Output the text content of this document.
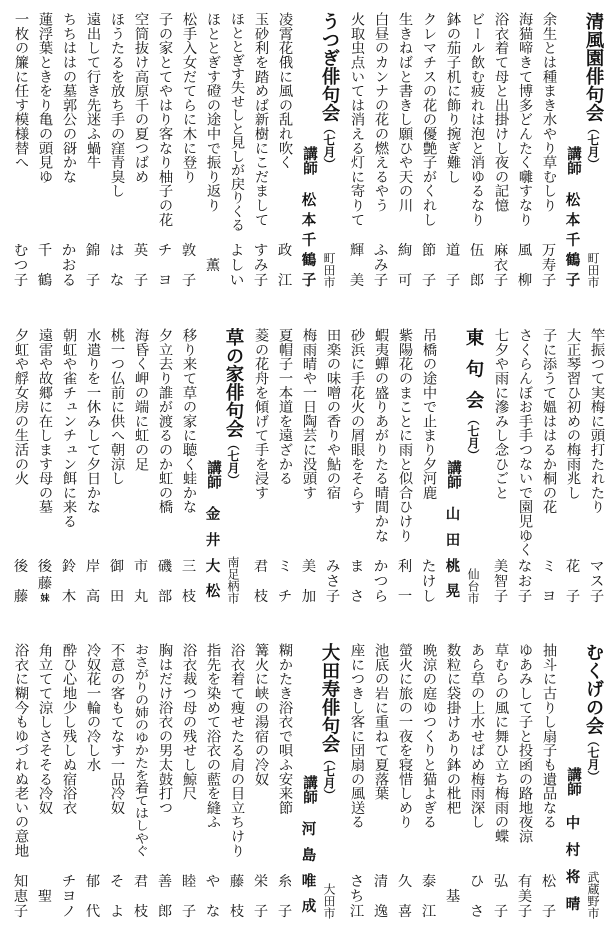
清風園俳句会（七月）
町田市
講師
松
本
千
鶴
子
余生とは種まき水やり草むしり
万
寿
子
海猫啼きて博多どんたく囃すなり
風
柳
浴衣着て母と出掛けし夜の記憶
麻
衣
子
ビール飲む疲れは泡と消ゆるなり
伍
郎
鉢の茄子机に飾り捥ぎ難し
道
子
クレマチスの花の優艶子がくれし
節
子
生きねばと書きし願ひや天の川
絢
可
白昼のカンナの花の燃えるやう
ふ
み
子
火取虫点いては消える灯に寄りて
輝
美
うつぎ俳句会（七月）
町田市
講師
松
本
千
鶴
子
凌霄花俄に風の乱れ吹く
政
江
玉砂利を踏めば新樹にこだまして
す
み
子
ほととぎす失せしと見しが戻りくる
よ
し
い
ほととぎす磴の途中で振り返り
薫
松手入女だてらに木に登り
敦
子
子の家とてやはり客なり柚子の花
チ
ヨ
空筒抜け高原千の夏つばめ
英
子
ほうたるを放ち手の窪青臭し
は
な
遠出して行き先迷ふ蝸牛
錦
子
ちちははの墓郭公の谺かな
か
お
る
蓮浮葉ときをり亀の頭見ゆ
千
鶴
一枚の簾に任す模様替へ
む
つ
子
竿振つて実梅に頭打たれたり
マ
ス
子
大正琴習ひ初めの梅雨兆し
花
子
子に添うて媼ははるか桐の花
ミ
ヨ
さくらんぼお手手つないで園児ゆく
な
お
子
七夕や雨に滲みし念ひごと
美
智
子
東句会（七月）
仙台市
講師
山
田
桃
晃
吊橋の途中で止まり夕河鹿
た
け
し
紫陽花のまことに雨と似合ひけり
利
一
蝦夷蟬の盛りあがりたる晴間かな
か
つ
ら
砂浜に手花火の屑眼をそらす
ま
さ
田楽の味噌の香りや鮎の宿
み
さ
子
梅雨晴や一日陶芸に没頭す
美
加
夏帽子一本道を遠ざかる
ミ
チ
菱の花舟を傾げて手を浸す
君
枝
草の家俳句会（七月）
南足柄市
講師
金
井
大
松
移り来て草の家に聴く蛙かな
三
枝
夕立去り誰が渡るのか虹の橋
磯
部
海昏く岬の端に虹の足
市
丸
桃一つ仏前に供へ朝涼し
御
田
水遣りを一休みして夕日かな
岸
高
朝虹や雀チュンチュン餌に来る
鈴
木
遠雷や故郷に在します母の墓
後
藤
妹
夕虹や艀女房の生活の火
後
藤
むくげの会（七月）
武蔵野市
講師
中
村
将
晴
抽斗に古りし扇子も遺品なる
松
子
ゆあみして子と投函の路地夜涼
有
美
子
草むらの風に舞ひ立ち梅雨の蝶
弘
子
あら草の上水せばめ梅雨深し
ひ
さ
数粒に袋掛けあり鉢の枇杷
基
晩涼の庭ゆつくりと猫よぎる
泰
江
螢火に旅の一夜を寝惜しめり
久
喜
池底の岩に重ねて夏落葉
清
逸
座につきし客に団扇の風送る
さ
ち
江
大田寿俳句会（七月）
大田市
講師
河
島
唯
成
糊かたき浴衣で唄ふ安来節
糸
子
篝火に峡の湯宿の冷奴
栄
子
浴衣着て痩せたる肩の目立ちけり
藤
枝
指先を染めて浴衣の藍を縫ふ
や
な
浴衣裁つ母の残せし鯨尺
睦
子
胸はだけ浴衣の男太鼓打つ
善
郎
おさがりの姉のゆかたを着てはしやぐ
君
枝
不意の客もてなす一品冷奴
そ
よ
冷奴花一輪の冷し水
郁
代
酔ひ心地少し残しぬ宿浴衣
チ
ヨ
ノ
角立てて涼しさそそる冷奴
聖
浴衣に糊今もゆづれぬ老いの意地
知
恵
子
